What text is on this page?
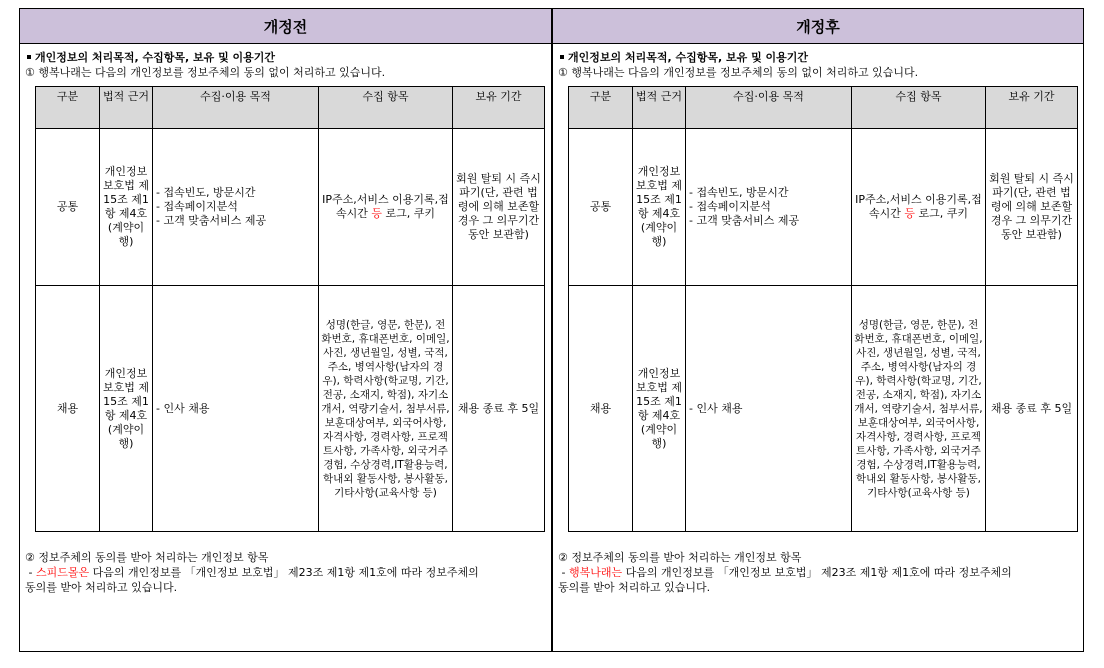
개정전
개인정보의 처리목적, 수집항목, 보유 및 이용기간
① 행복나래는 다음의 개인정보를 정보주체의 동의 없이 처리하고 있습니다.
구분	법적 근거	수집·이용 목적	수집 항목	보유 기간
공통	개인정보보호법 제15조 제1항 제4호(계약이행)	- 접속빈도, 방문시간
- 접속페이지분석
- 고객 맞춤서비스 제공	IP주소,서비스 이용기록,접속시간 등 로그, 쿠키	회원 탈퇴 시 즉시 파기(단, 관련 법령에 의해 보존할 경우 그 의무기간 동안 보관함)
채용	개인정보보호법 제15조 제1항 제4호(계약이행)	- 인사 채용	성명(한글, 영문, 한문), 전화번호, 휴대폰번호, 이메일, 사진, 생년월일, 성별, 국적, 주소, 병역사항(남자의 경우), 학력사항(학교명, 기간, 전공, 소재지, 학점), 자기소개서, 역량기술서, 첨부서류, 보훈대상여부, 외국어사항, 자격사항, 경력사항, 프로젝트사항, 가족사항, 외국거주경험, 수상경력,IT활용능력, 학내외 활동사항, 봉사활동, 기타사항(교육사항 등)	채용 종료 후 5일
② 정보주체의 동의를 받아 처리하는 개인정보 항목
- 스피드몰은 다음의 개인정보를 「개인정보 보호법」 제23조 제1항 제1호에 따라 정보주체의
동의를 받아 처리하고 있습니다.
개정후
개인정보의 처리목적, 수집항목, 보유 및 이용기간
① 행복나래는 다음의 개인정보를 정보주체의 동의 없이 처리하고 있습니다.
구분	법적 근거	수집·이용 목적	수집 항목	보유 기간
공통	개인정보보호법 제15조 제1항 제4호(계약이행)	- 접속빈도, 방문시간
- 접속페이지분석
- 고객 맞춤서비스 제공	IP주소,서비스 이용기록,접속시간 등 로그, 쿠키	회원 탈퇴 시 즉시 파기(단, 관련 법령에 의해 보존할 경우 그 의무기간 동안 보관함)
채용	개인정보보호법 제15조 제1항 제4호(계약이행)	- 인사 채용	성명(한글, 영문, 한문), 전화번호, 휴대폰번호, 이메일, 사진, 생년월일, 성별, 국적, 주소, 병역사항(남자의 경우), 학력사항(학교명, 기간, 전공, 소재지, 학점), 자기소개서, 역량기술서, 첨부서류, 보훈대상여부, 외국어사항, 자격사항, 경력사항, 프로젝트사항, 가족사항, 외국거주경험, 수상경력,IT활용능력, 학내외 활동사항, 봉사활동, 기타사항(교육사항 등)	채용 종료 후 5일
② 정보주체의 동의를 받아 처리하는 개인정보 항목
- 행복나래는 다음의 개인정보를 「개인정보 보호법」 제23조 제1항 제1호에 따라 정보주체의
동의를 받아 처리하고 있습니다.
